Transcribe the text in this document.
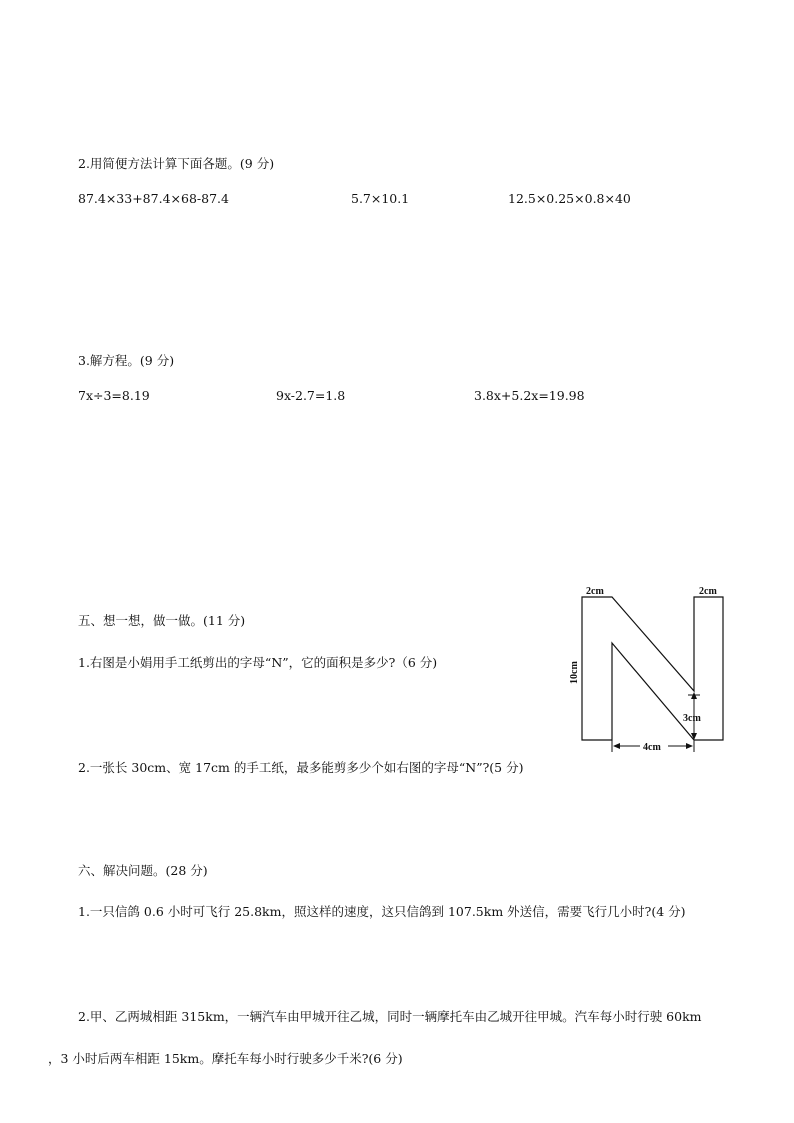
2.用简便方法计算下面各题。(9 分)
87.4×33+87.4×68-87.4	5.7×10.1	12.5×0.25×0.8×40
3.解方程。(9 分)
7x÷3=8.19	9x-2.7=1.8	3.8x+5.2x=19.98
五、想一想，做一做。(11 分)
1.右图是小娟用手工纸剪出的字母“N”，它的面积是多少?（6 分)
2.一张长 30cm、宽 17cm 的手工纸，最多能剪多少个如右图的字母“N”?(5 分)
2cm	2cm
10cm
3cm
4cm
六、解决问题。(28 分)
1.一只信鸽 0.6 小时可飞行 25.8km，照这样的速度，这只信鸽到 107.5km 外送信，需要飞行几小时?(4 分)
2.甲、乙两城相距 315km，一辆汽车由甲城开往乙城，同时一辆摩托车由乙城开往甲城。汽车每小时行驶 60km
，3 小时后两车相距 15km。摩托车每小时行驶多少千米?(6 分)
